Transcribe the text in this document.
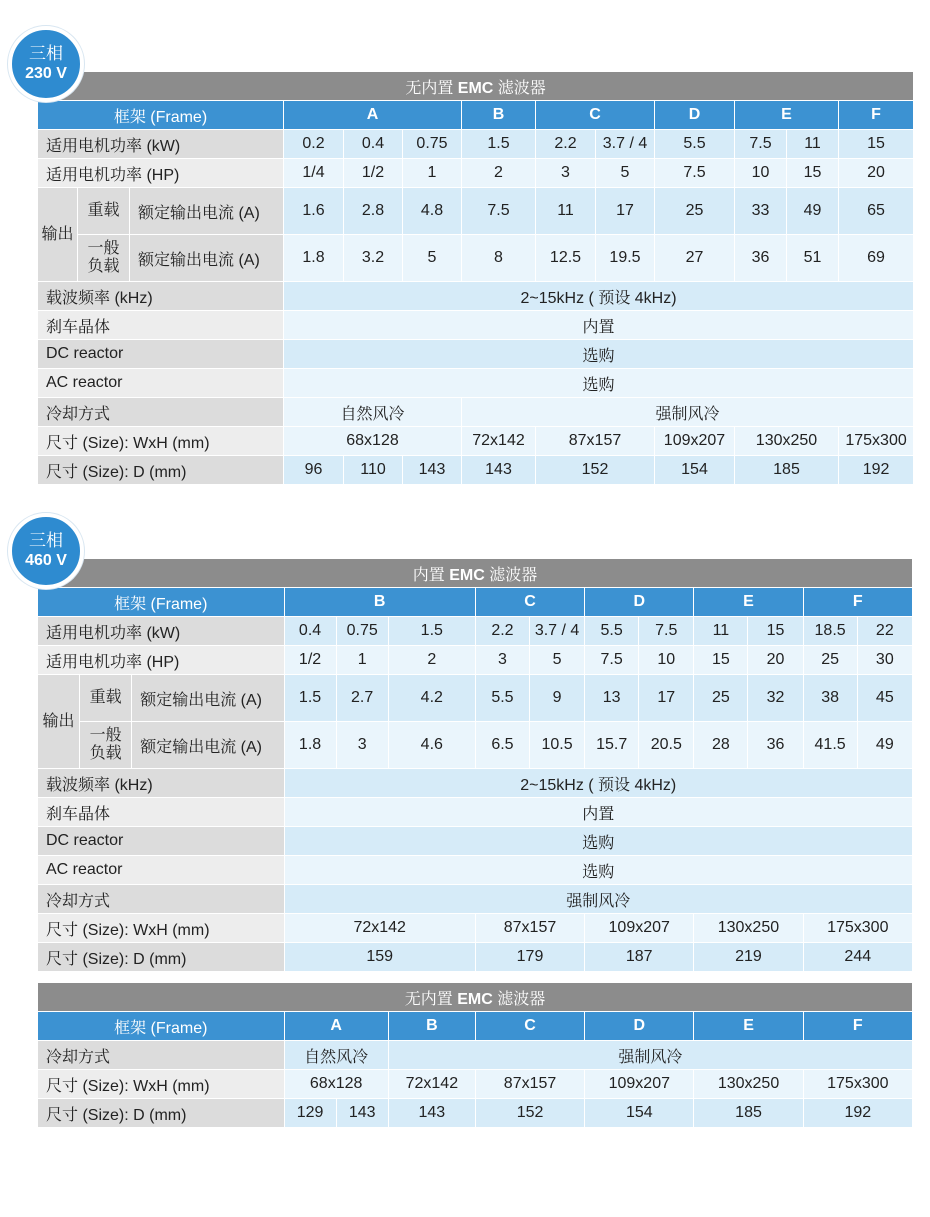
三相
230 V
无内置 EMC 滤波器												
框架 (Frame)			A			B	C		D	E		F
适用电机功率 (kW)			0.2	0.4	0.75	1.5	2.2	3.7 / 4	5.5	7.5	11	15
适用电机功率 (HP)			1/4	1/2	1	2	3	5	7.5	10	15	20
输出	重载	额定输出电流 (A)	1.6	2.8	4.8	7.5	11	17	25	33	49	65

	一般负载	额定输出电流 (A)	1.8	3.2	5	8	12.5	19.5	27	36	51	69
载波频率 (kHz)			2~15kHz ( 预设 4kHz)									
刹车晶体			内置									
DC reactor			选购									
AC reactor			选购									
冷却方式			自然风冷			强制风冷						
尺寸 (Size): WxH (mm)			68x128			72x142	87x157		109x207	130x250		175x300
尺寸 (Size): D (mm)			96	110	143	143	152		154	185		192
三相
460 V
内置 EMC 滤波器													
框架 (Frame)			B			C		D		E		F	
适用电机功率 (kW)			0.4	0.75	1.5	2.2	3.7 / 4	5.5	7.5	11	15	18.5	22
适用电机功率 (HP)			1/2	1	2	3	5	7.5	10	15	20	25	30
输出	重载	额定输出电流 (A)	1.5	2.7	4.2	5.5	9	13	17	25	32	38	45

	一般负载	额定输出电流 (A)	1.8	3	4.6	6.5	10.5	15.7	20.5	28	36	41.5	49
载波频率 (kHz)			2~15kHz ( 预设 4kHz)										
刹车晶体			内置										
DC reactor			选购										
AC reactor			选购										
冷却方式			强制风冷										
尺寸 (Size): WxH (mm)			72x142			87x157		109x207		130x250		175x300	
尺寸 (Size): D (mm)			159			179		187		219		244	
无内置 EMC 滤波器							
框架 (Frame)	A		B	C	D	E	F
冷却方式	自然风冷		强制风冷				
尺寸 (Size): WxH (mm)	68x128		72x142	87x157	109x207	130x250	175x300
尺寸 (Size): D (mm)	129	143	143	152	154	185	192
